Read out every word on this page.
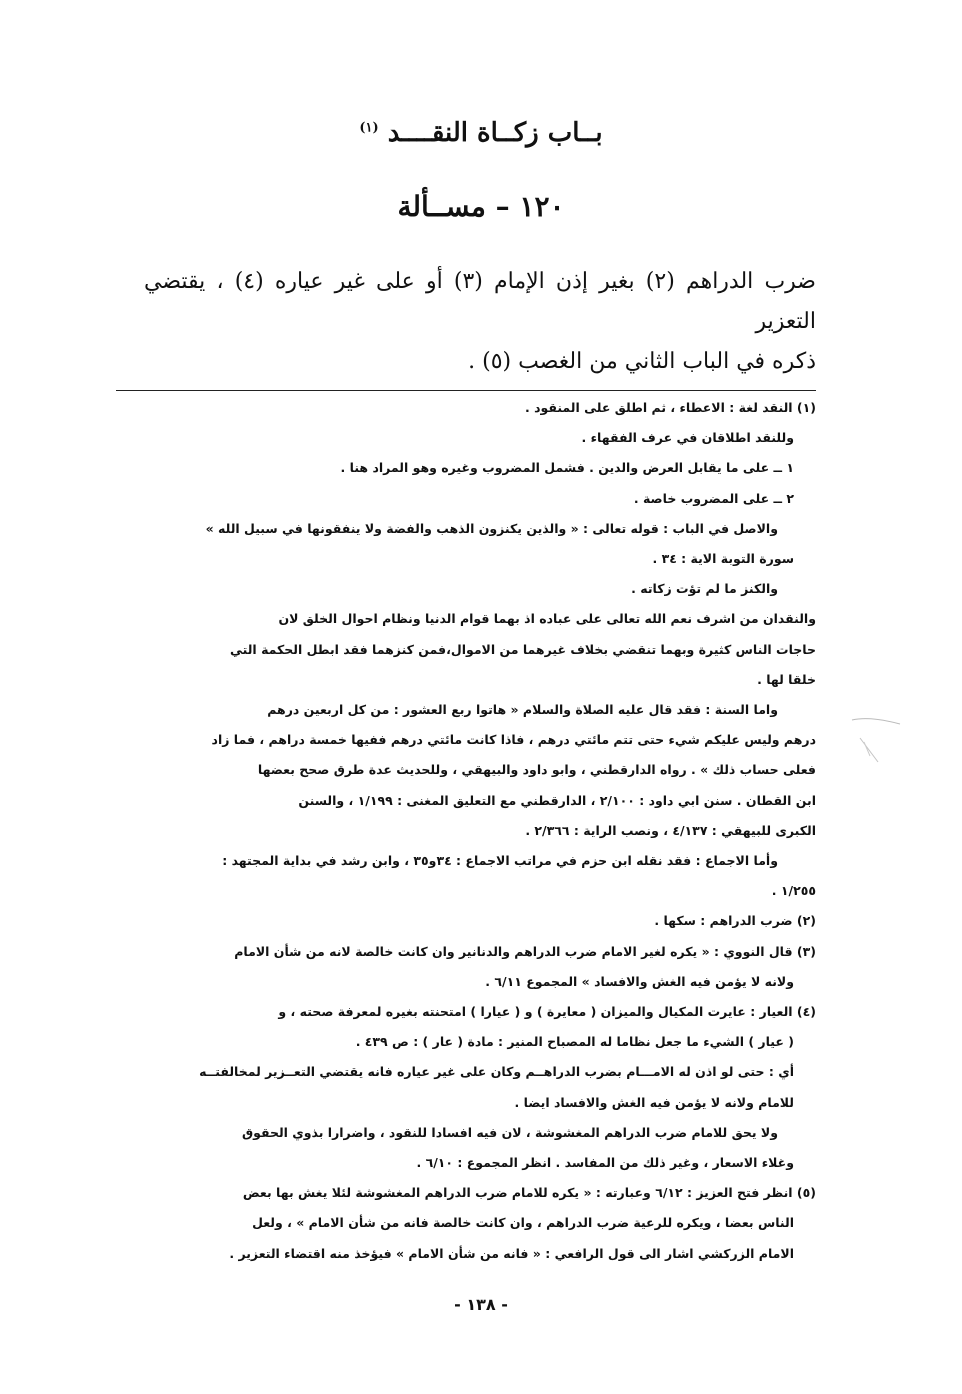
بــاب زكــاة النقــــد $^{(١)}$
١٢٠ – مســألة

ضرب الدراهم (٢) بغير إذن الإمام (٣) أو على غير عياره (٤) ، يقتضي التعزير

ذكره في الباب الثاني من الغصب (٥) .

(١) النقد لغة : الاعطاء ، ثم اطلق على المنقود .

وللنقد اطلاقان في عرف الفقهاء .

١ ــ على ما يقابل العرض والدين . فشمل المضروب وغيره وهو المراد هنا .

٢ ــ على المضروب خاصة .

والاصل في الباب : قوله تعالى : « والذين يكنزون الذهب والفضة ولا ينفقونها في سبيل الله »

سورة التوبة الاية : ٣٤ .

والكنز ما لم تؤت زكاته .

والنقدان من اشرف نعم الله تعالى على عباده اذ بهما قوام الدنيا ونظام احوال الخلق لان

حاجات الناس كثيرة وبهما تنقضي بخلاف غيرهما من الاموال،فمن كنزهما فقد ابطل الحكمة التي

خلقا لها .

واما السنة : فقد قال عليه الصلاة والسلام « هاتوا ربع العشور : من كل اربعين درهم

درهم وليس عليكم شيء حتى تتم مائتي درهم ، فاذا كانت مائتي درهم ففيها خمسة دراهم ، فما زاد

فعلى حساب ذلك » . رواه الدارقطني ، وابو داود والبيهقي ، وللحديث عدة طرق صحح بعضها

ابن القطان . سنن ابي داود : ٢/١٠٠ ، الدارقطني مع التعليق المغنى : ١/١٩٩ ، والسنن

الكبرى للبيهقي : ٤/١٣٧ ، ونصب الراية : ٢/٣٦٦ .

وأما الاجماع : فقد نقله ابن حزم في مراتب الاجماع : ٣٤و٣٥ ، وابن رشد في بداية المجتهد :

١/٢٥٥ .

(٢) ضرب الدراهم : سكها .

(٣) قال النووي : « يكره لغير الامام ضرب الدراهم والدنانير وان كانت خالصة لانه من شأن الامام

ولانه لا يؤمن فيه الغش والافساد » المجموع ٦/١١ .

(٤) العيار : عايرت المكيال والميزان ( معايرة ) و ( عيارا ) امتحنته بغيره لمعرفة صحته ، و

( عيار ) الشيء ما جعل نظاما له المصباح المنير : مادة ( عار ) : ص ٤٣٩ .

أي : حتى لو اذن له الامـــام بضرب الدراهــم وكان على غير عياره فانه يقتضي التعــزير لمخالفتــه

للامام ولانه لا يؤمن فيه الغش والافساد ايضا .

ولا يحق للامام ضرب الدراهم المغشوشة ، لان فيه افسادا للنقود ، واضرارا بذوي الحقوق

وغلاء الاسعار ، وغير ذلك من المفاسد . انظر المجموع : ٦/١٠ .

(٥) انظر فتح العزيز : ٦/١٢ وعبارته : « يكره للامام ضرب الدراهم المغشوشة لئلا يغش بها بعض

الناس بعضا ، ويكره للرعية ضرب الدراهم ، وان كانت خالصة فانه من شأن الامام » ، ولعل

الامام الزركشي اشار الى قول الرافعي : « فانه من شأن الامام » فيؤخذ منه اقتضاء التعزير .

- ١٣٨ -
